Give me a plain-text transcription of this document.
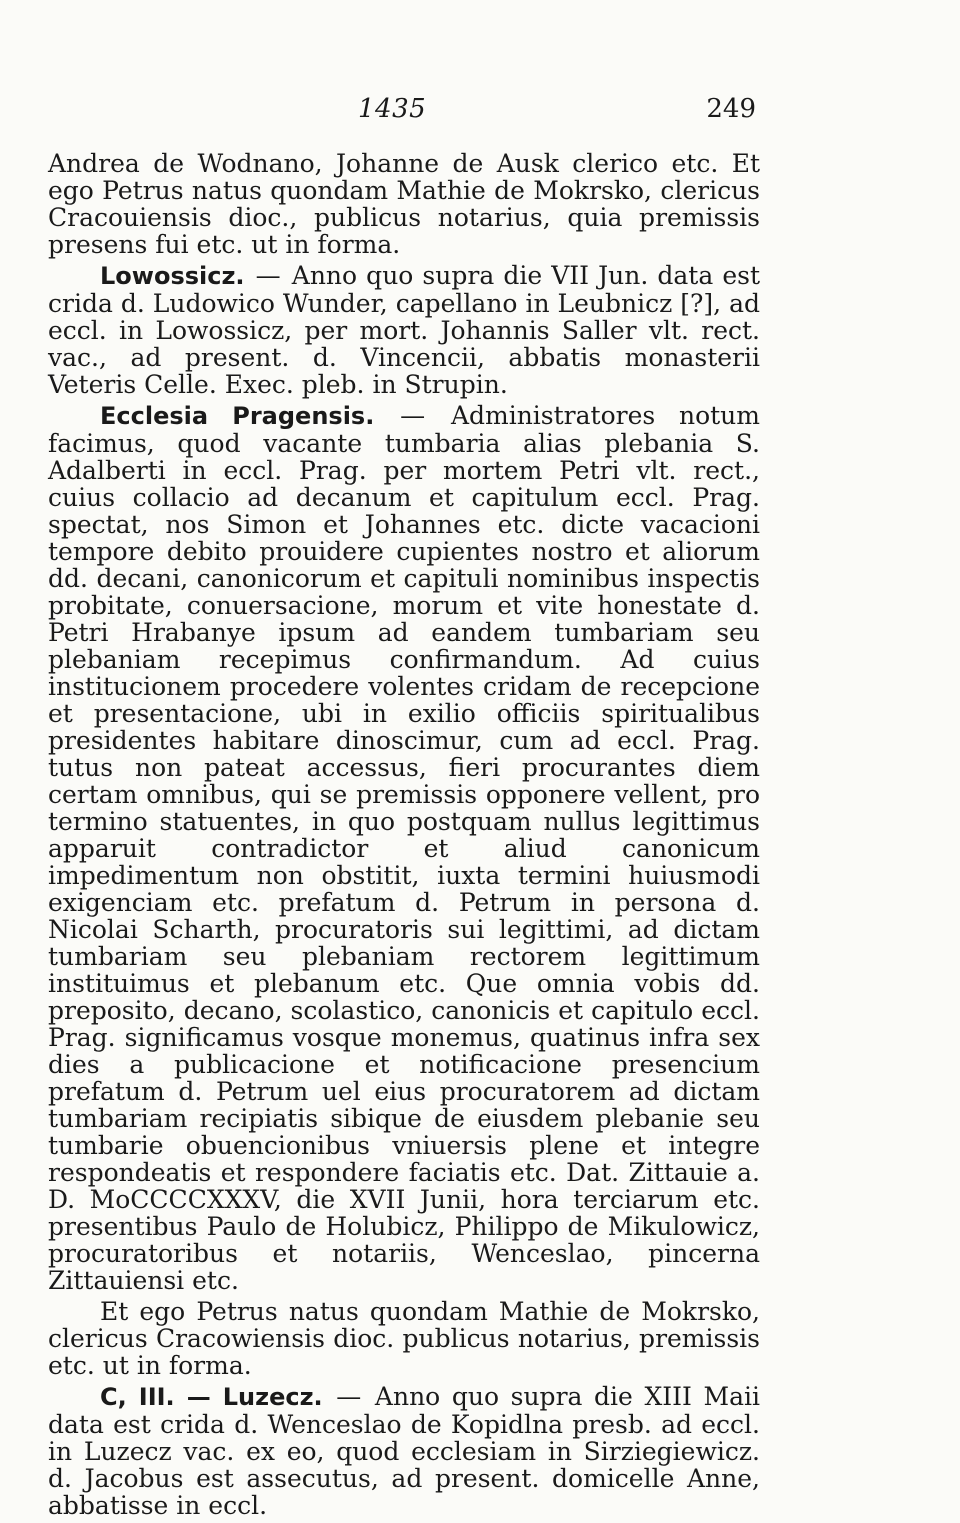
1435	249

Andrea de Wodnano, Johanne de Ausk clerico etc. Et ego Petrus natus quondam Mathie de Mokrsko, clericus Cracouiensis dioc., publicus notarius, quia premissis presens fui etc. ut in forma.

Lowossicz. — Anno quo supra die VII Jun. data est crida d. Ludowico Wunder, capellano in Leubnicz [?], ad eccl. in Lowossicz, per mort. Johannis Saller vlt. rect. vac., ad present. d. Vincencii, abbatis monasterii Veteris Celle. Exec. pleb. in Strupin.

Ecclesia Pragensis. — Administratores notum facimus, quod vacante tumbaria alias plebania S. Adalberti in eccl. Prag. per mortem Petri vlt. rect., cuius collacio ad decanum et capitulum eccl. Prag. spectat, nos Simon et Johannes etc. dicte vacacioni tempore debito prouidere cupientes nostro et aliorum dd. decani, canonicorum et capituli nominibus inspectis probitate, conuersacione, morum et vite honestate d. Petri Hrabanye ipsum ad eandem tumbariam seu plebaniam recepimus confirmandum. Ad cuius institucionem procedere volentes cridam de recepcione et presentacione, ubi in exilio officiis spiritualibus presidentes habitare dinoscimur, cum ad eccl. Prag. tutus non pateat accessus, fieri procurantes diem certam omnibus, qui se premissis opponere vellent, pro termino statuentes, in quo postquam nullus legittimus apparuit contradictor et aliud canonicum impedimentum non obstitit, iuxta termini huiusmodi exigenciam etc. prefatum d. Petrum in persona d. Nicolai Scharth, procuratoris sui legittimi, ad dictam tumbariam seu plebaniam rectorem legittimum instituimus et plebanum etc. Que omnia vobis dd. preposito, decano, scolastico, canonicis et capitulo eccl. Prag. significamus vosque monemus, quatinus infra sex dies a publicacione et notificacione presencium prefatum d. Petrum uel eius procuratorem ad dictam tumbariam recipiatis sibique de eiusdem plebanie seu tumbarie obuencionibus vniuersis plene et integre respondeatis et respondere faciatis etc. Dat. Zittauie a. D. MoCCCCXXXV, die XVII Junii, hora terciarum etc. presentibus Paulo de Holubicz, Philippo de Mikulowicz, procuratoribus et notariis, Wenceslao, pincerna Zittauiensi etc.

Et ego Petrus natus quondam Mathie de Mokrsko, clericus Cracowiensis dioc. publicus notarius, premissis etc. ut in forma.

C, III. — Luzecz. — Anno quo supra die XIII Maii data est crida d. Wenceslao de Kopidlna presb. ad eccl. in Luzecz vac. ex eo, quod ecclesiam in Sirziegiewicz. d. Jacobus est assecutus, ad present. domicelle Anne, abbatisse in eccl.
